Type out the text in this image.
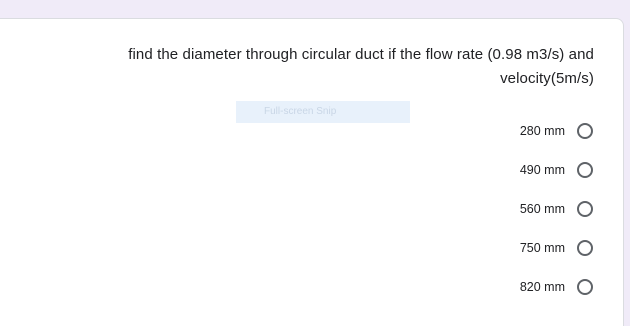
find the diameter through circular duct if the flow rate (0.98 m3/s) and
velocity(5m/s)
Full-screen Snip
280 mm
490 mm
560 mm
750 mm
820 mm
